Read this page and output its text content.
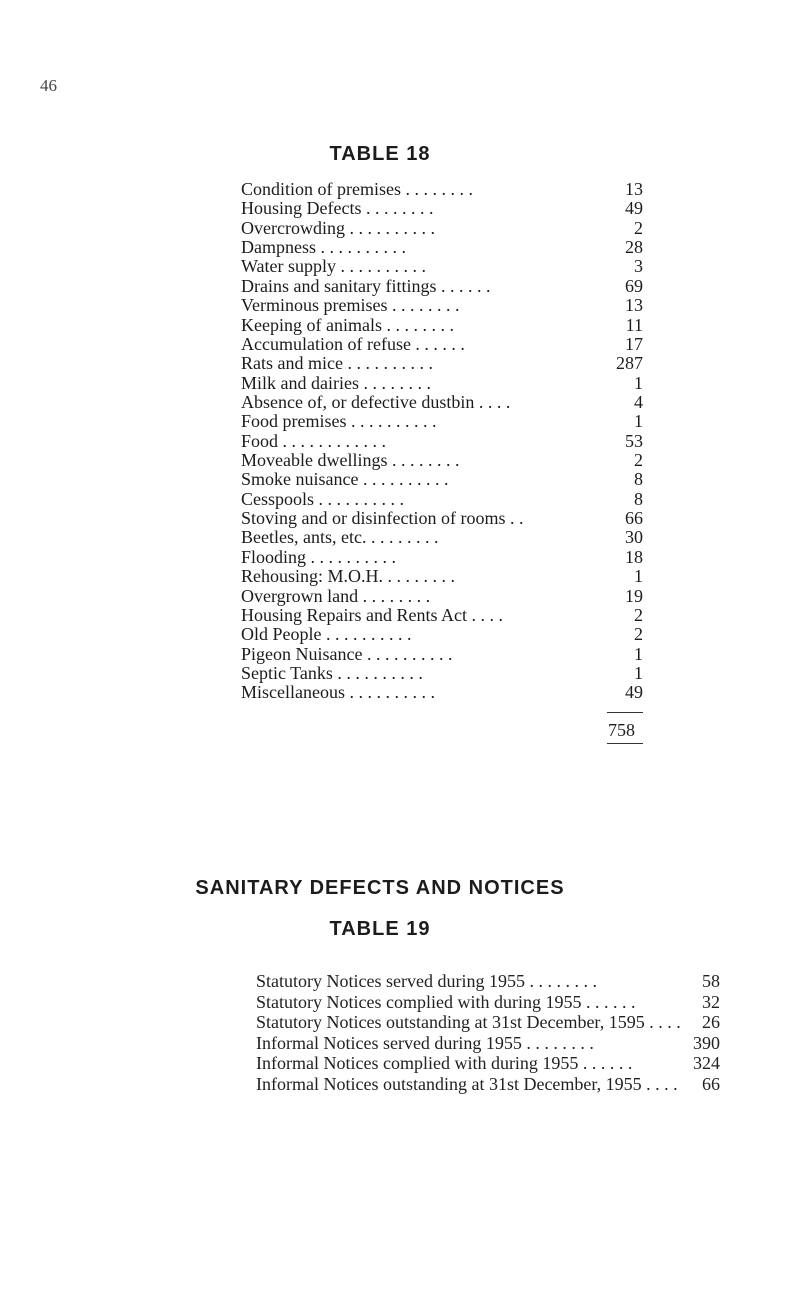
46
TABLE 18
Condition of premises . . . . . . . .	13
Housing Defects . . . . . . . .	49
Overcrowding . . . . . . . . . .	2
Dampness . . . . . . . . . .	28
Water supply . . . . . . . . . .	3
Drains and sanitary fittings . . . . . .	69
Verminous premises . . . . . . . .	13
Keeping of animals . . . . . . . .	11
Accumulation of refuse . . . . . .	17
Rats and mice . . . . . . . . . .	287
Milk and dairies . . . . . . . .	1
Absence of, or defective dustbin . . . .	4
Food premises . . . . . . . . . .	1
Food . . . . . . . . . . . .	53
Moveable dwellings . . . . . . . .	2
Smoke nuisance . . . . . . . . . .	8
Cesspools . . . . . . . . . .	8
Stoving and or disinfection of rooms . .	66
Beetles, ants, etc. . . . . . . . .	30
Flooding . . . . . . . . . .	18
Rehousing: M.O.H. . . . . . . . .	1
Overgrown land . . . . . . . .	19
Housing Repairs and Rents Act . . . .	2
Old People . . . . . . . . . .	2
Pigeon Nuisance . . . . . . . . . .	1
Septic Tanks . . . . . . . . . .	1
Miscellaneous . . . . . . . . . .	49
758
SANITARY DEFECTS AND NOTICES
TABLE 19
Statutory Notices served during 1955 . . . . . . . .	58
Statutory Notices complied with during 1955 . . . . . .	32
Statutory Notices outstanding at 31st December, 1595 . . . . 26
Informal Notices served during 1955 . . . . . . . .	390
Informal Notices complied with during 1955 . . . . . .	324
Informal Notices outstanding at 31st December, 1955 . . . . 66
